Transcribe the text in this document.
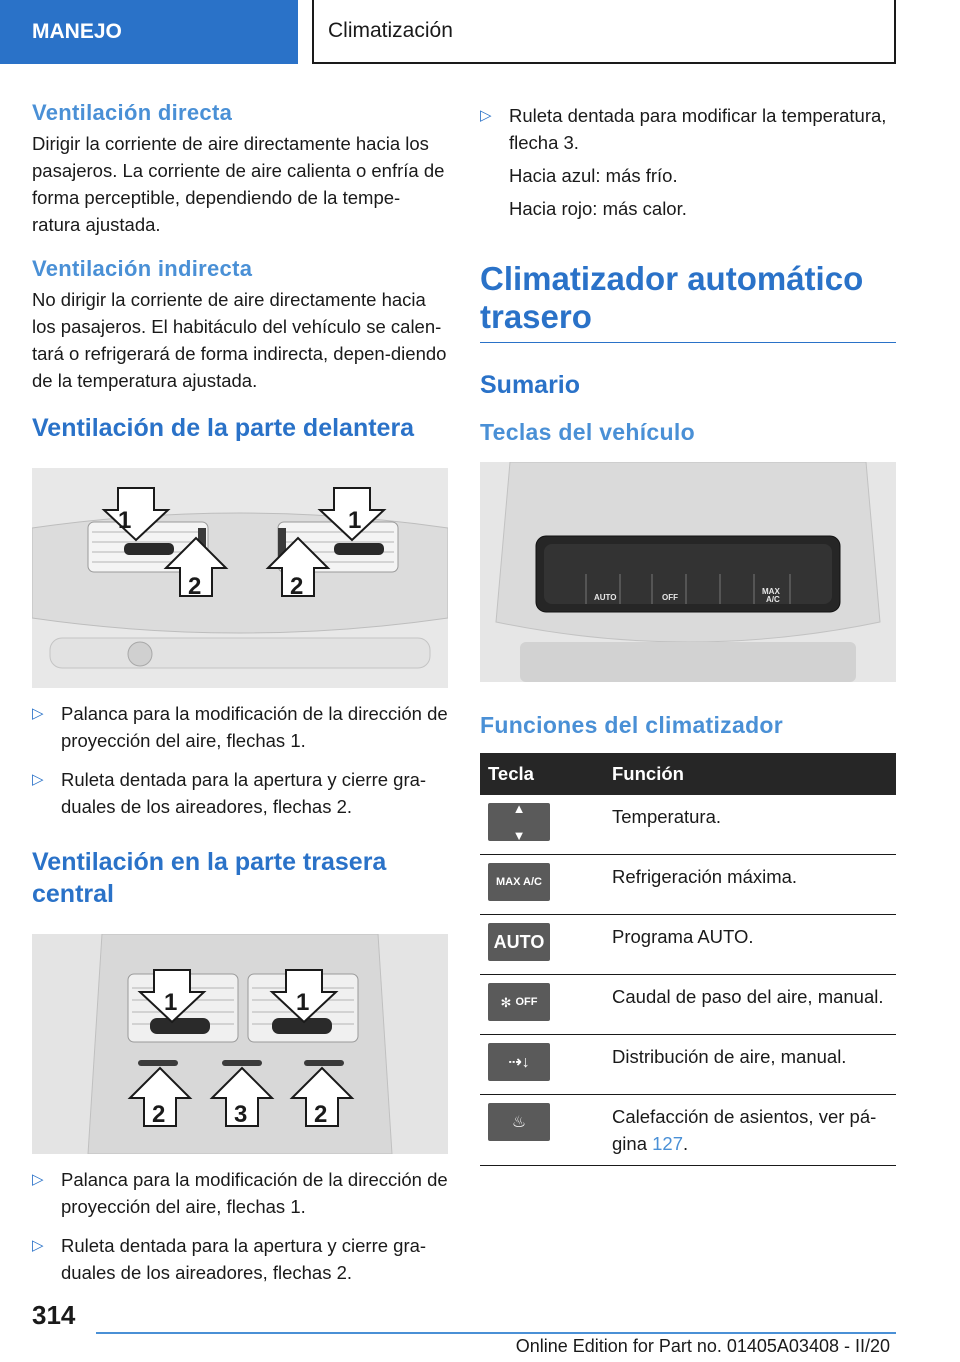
MANEJO	Climatización
Ventilación directa

Dirigir la corriente de aire directamente hacia los pasajeros. La corriente de aire calienta o enfría de forma perceptible, dependiendo de la tempe-ratura ajustada.

Ventilación indirecta

No dirigir la corriente de aire directamente hacia los pasajeros. El habitáculo del vehículo se calen-tará o refrigerará de forma indirecta, depen-diendo de la temperatura ajustada.

Ventilación de la parte delantera
1	1
2	2
▷ Palanca para la modificación de la dirección de proyección del aire, flechas 1.
▷ Ruleta dentada para la apertura y cierre gra-duales de los aireadores, flechas 2.
Ventilación en la parte trasera central
1	1
2	3	2
▷ Palanca para la modificación de la dirección de proyección del aire, flechas 1.
▷ Ruleta dentada para la apertura y cierre gra-duales de los aireadores, flechas 2.
▷ Ruleta dentada para modificar la temperatura, flecha 3.

Hacia azul: más frío.

Hacia rojo: más calor.

Climatizador automático trasero
Sumario
Teclas del vehículo
AUTO	OFF
MAX
A/C
Funciones del climatizador
Tecla	Función

▲
▼	Temperatura.

MAX A/C	Refrigeración máxima.

AUTO	Programa AUTO.

✻ OFF	Caudal de paso del aire, manual.

⇢↓	Distribución de aire, manual.

♨	Calefacción de asientos, ver pá-gina 127.
314
Online Edition for Part no. 01405A03408 - II/20
